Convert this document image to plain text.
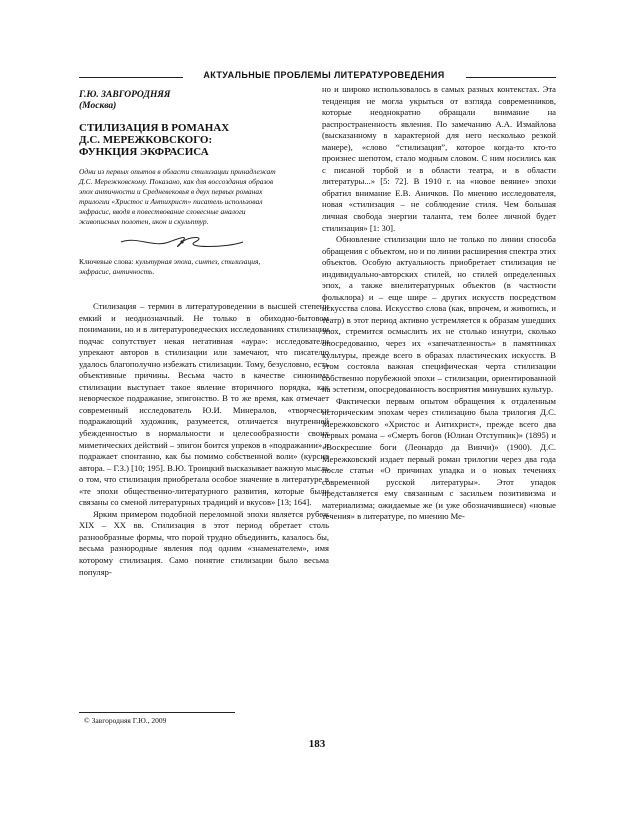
АКТУАЛЬНЫЕ ПРОБЛЕМЫ ЛИТЕРАТУРОВЕДЕНИЯ
Г.Ю. ЗАВГОРОДНЯЯ
(Москва)
СТИЛИЗАЦИЯ В РОМАНАХ
Д.С. МЕРЕЖКОВСКОГО:
ФУНКЦИЯ ЭКФРАСИСА
Одни из первых опытов в области стилизации принадлежат Д.С. Мережковскому. Показано, как для воссоздания образов эпох античности и Средневековья в двух первых романах трилогии «Христос и Антихрист» писатель использовал экфрасис, вводя в повествование словесные аналоги живописных полотен, икон и скульптур.
Ключевые слова: культурная эпоха, синтез, стилизация, экфрасис, античность.

Стилизация – термин в литературоведении в высшей степени емкий и неоднозначный. Не только в обиходно-бытовом понимании, но и в литературоведческих исследованиях стилизации подчас сопутствует некая негативная «аура»: исследователи упрекают авторов в стилизации или замечают, что писателю удалось благополучно избежать стилизации. Тому, безусловно, есть объективные причины. Весьма часто в качестве синонима стилизации выступает такое явление вторичного порядка, как неворческое подражание, эпигонство. В то же время, как отмечает современный исследователь Ю.И. Минералов, «творчески подражающий художник, разумеется, отличается внутренней убежденностью в нормальности и целесообразности своих миметических действий – эпигон боится упреков в «подражании» и подражает спонтанно, как бы помимо собственной воли» (курсив автора. – Г.З.) [10; 195]. В.Ю. Троицкий высказывает важную мысль о том, что стилизация приобретала особое значение в литературе в «те эпохи общественно-литературного развития, которые были связаны со сменой литературных традиций и вкусов» [13; 164].

Ярким примером подобной переломной эпохи является рубеж XIX – XX вв. Стилизация в этот период обретает столь разнообразные формы, что порой трудно объединить, казалось бы, весьма разнородные явления под одним «знаменателем», имя которому стилизация. Само понятие стилизации было весьма популяр-

но и широко использовалось в самых разных контекстах. Эта тенденция не могла укрыться от взгляда современников, которые неоднократно обращали внимание на распространенность явления. По замечанию А.А. Измайлова (высказанному в характерной для него несколько резкой манере), «слово “стилизация”, которое когда-то кто-то произнес шепотом, стало модным словом. С ним носились как с писаной торбой и в области театра, и в области литературы...» [5: 72]. В 1910 г. на «новое веяние» эпохи обратил внимание Е.В. Аничков. По мнению исследователя, новая «стилизация – не соблюдение стиля. Чем большая личная свобода энергии таланта, тем более личной будет стилизация» [1: 30].

Обновление стилизации шло не только по линии способа обращения с объектом, но и по линии расширения спектра этих объектов. Особую актуальность приобретает стилизация не индивидуально-авторских стилей, но стилей определенных эпох, а также внелитературных объектов (в частности фольклора) и – еще шире – других искусств посредством искусства слова. Искусство слова (как, впрочем, и живопись, и театр) в этот период активно устремляется к образам ушедших эпох, стремится осмыслить их не столько изнутри, сколько опосредованно, через их «запечатленность» в памятниках культуры, прежде всего в образах пластических искусств. В этом состояла важная специфическая черта стилизации собственно порубежной эпохи – стилизации, ориентированной на эстетизм, опосредованность восприятия минувших культур.

Фактически первым опытом обращения к отдаленным историческим эпохам через стилизацию была трилогия Д.С. Мережковского «Христос и Антихрист», прежде всего два первых романа – «Смерть богов (Юлиан Отступник)» (1895) и «Воскресшие боги (Леонардо да Винчи)» (1900). Д.С. Мережковский издает первый роман трилогии через два года после статьи «О причинах упадка и о новых течениях современной русской литературы». Этот упадок представляется ему связанным с засильем позитивизма и материализма; ожидаемые же (и уже обозначившиеся) «новые течения» в литературе, по мнению Ме-

© Завгородняя Г.Ю., 2009
183
